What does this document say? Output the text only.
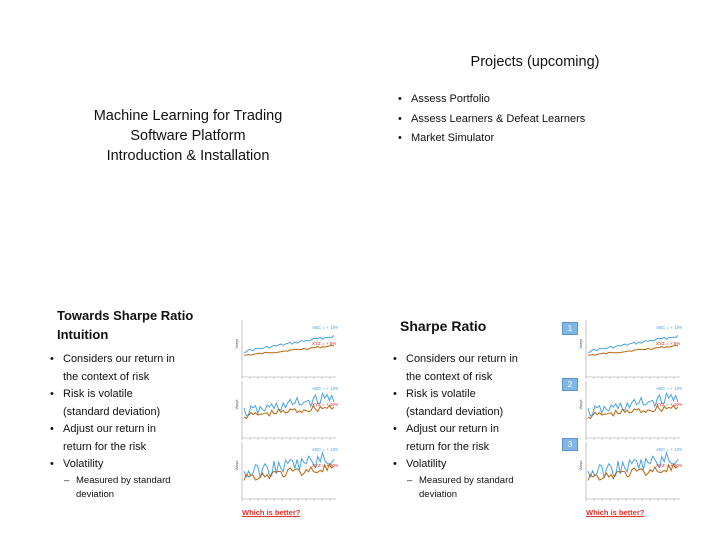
Machine Learning for Trading
Software Platform
Introduction & Installation
Projects (upcoming)
• Assess Portfolio
• Assess Learners & Defeat Learners
• Market Simulator
Towards Sharpe Ratio
Intuition
• Considers our return in
the context of risk
• Risk is volatile
(standard deviation)
• Adjust our return in
return for the risk
• Volatility
– Measured by standard
deviation
Sharpe Ratio
• Considers our return in
the context of risk
• Risk is volatile
(standard deviation)
• Adjust our return in
return for the risk
• Volatility
– Measured by standard
deviation
1
2
3
Ways
ABC = + 10%
XYZ = + 5%
Ways
ABC = + 10%
XYZ = + 10%
Ways
ABC = + 13%
XYZ = + 20%
Which is better?
Ways
ABC = + 10%
XYZ = + 5%
Ways
ABC = + 10%
XYZ = + 10%
Ways
ABC = + 13%
XYZ = + 20%
Which is better?
